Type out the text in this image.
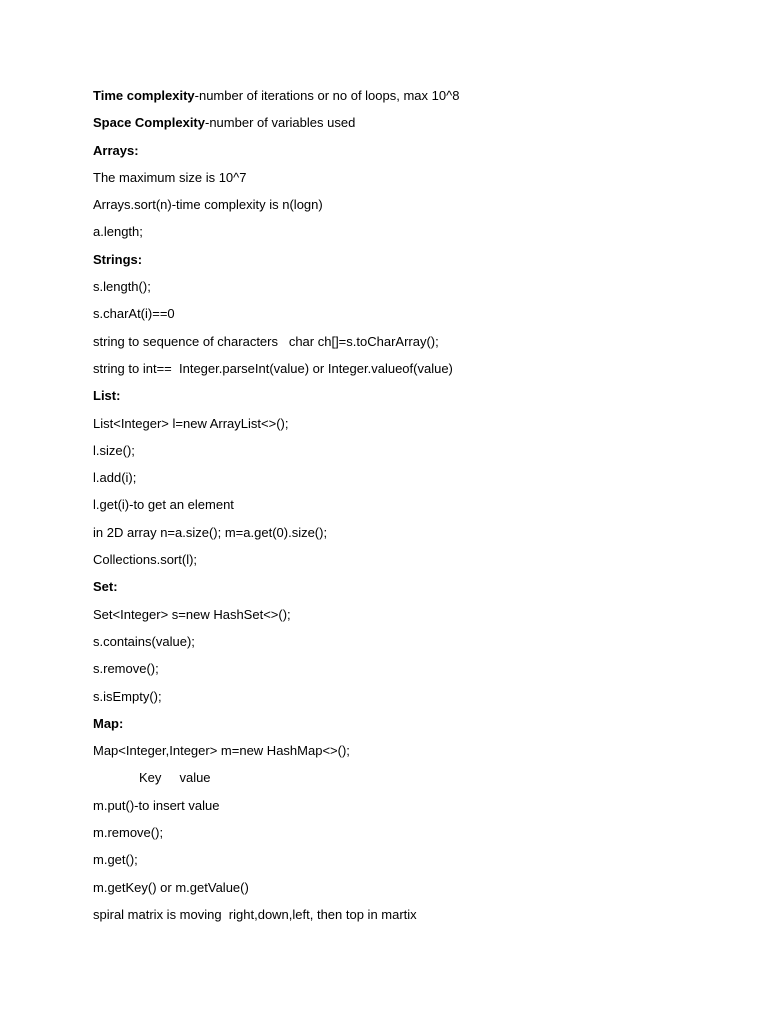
Time complexity-number of iterations or no of loops, max 10^8
Space Complexity-number of variables used
Arrays:
The maximum size is 10^7
Arrays.sort(n)-time complexity is n(logn)
a.length;
Strings:
s.length();
s.charAt(i)==0
string to sequence of characters   char ch[]=s.toCharArray();
string to int==  Integer.parseInt(value) or Integer.valueof(value)
List:
List<Integer> l=new ArrayList<>();
l.size();
l.add(i);
l.get(i)-to get an element
in 2D array n=a.size(); m=a.get(0).size();
Collections.sort(l);
Set:
Set<Integer> s=new HashSet<>();
s.contains(value);
s.remove();
s.isEmpty();
Map:
Map<Integer,Integer> m=new HashMap<>();
Key     value
m.put()-to insert value
m.remove();
m.get();
m.getKey() or m.getValue()
spiral matrix is moving  right,down,left, then top in martix
